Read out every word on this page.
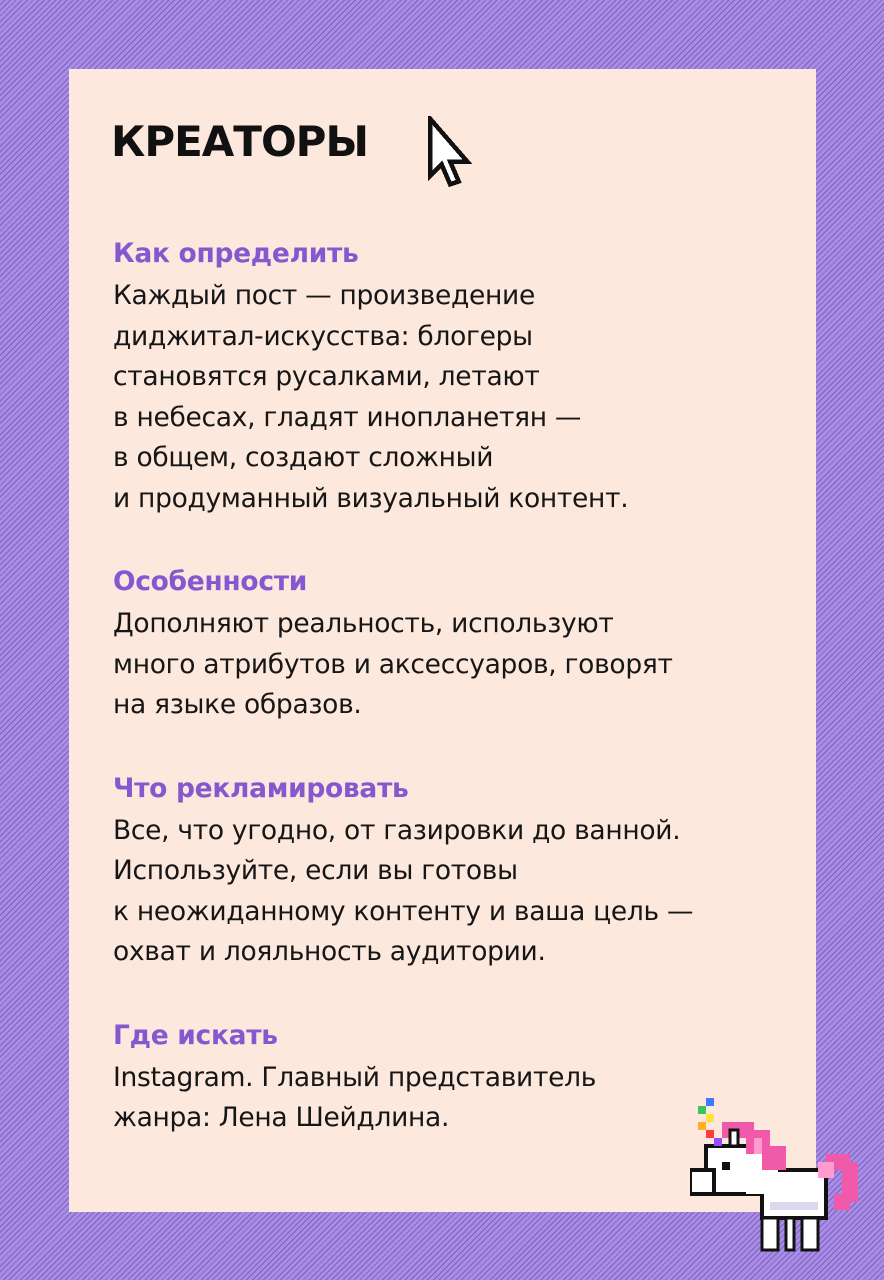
КРЕАТОРЫ
Как определить

Каждый пост — произведение
диджитал-искусства: блогеры
становятся русалками, летают
в небесах, гладят инопланетян —
в общем, создают сложный
и продуманный визуальный контент.

Особенности

Дополняют реальность, используют
много атрибутов и аксессуаров, говорят
на языке образов.

Что рекламировать

Все, что угодно, от газировки до ванной.
Используйте, если вы готовы
к неожиданному контенту и ваша цель —
охват и лояльность аудитории.

Где искать

Instagram. Главный представитель
жанра: Лена Шейдлина.
